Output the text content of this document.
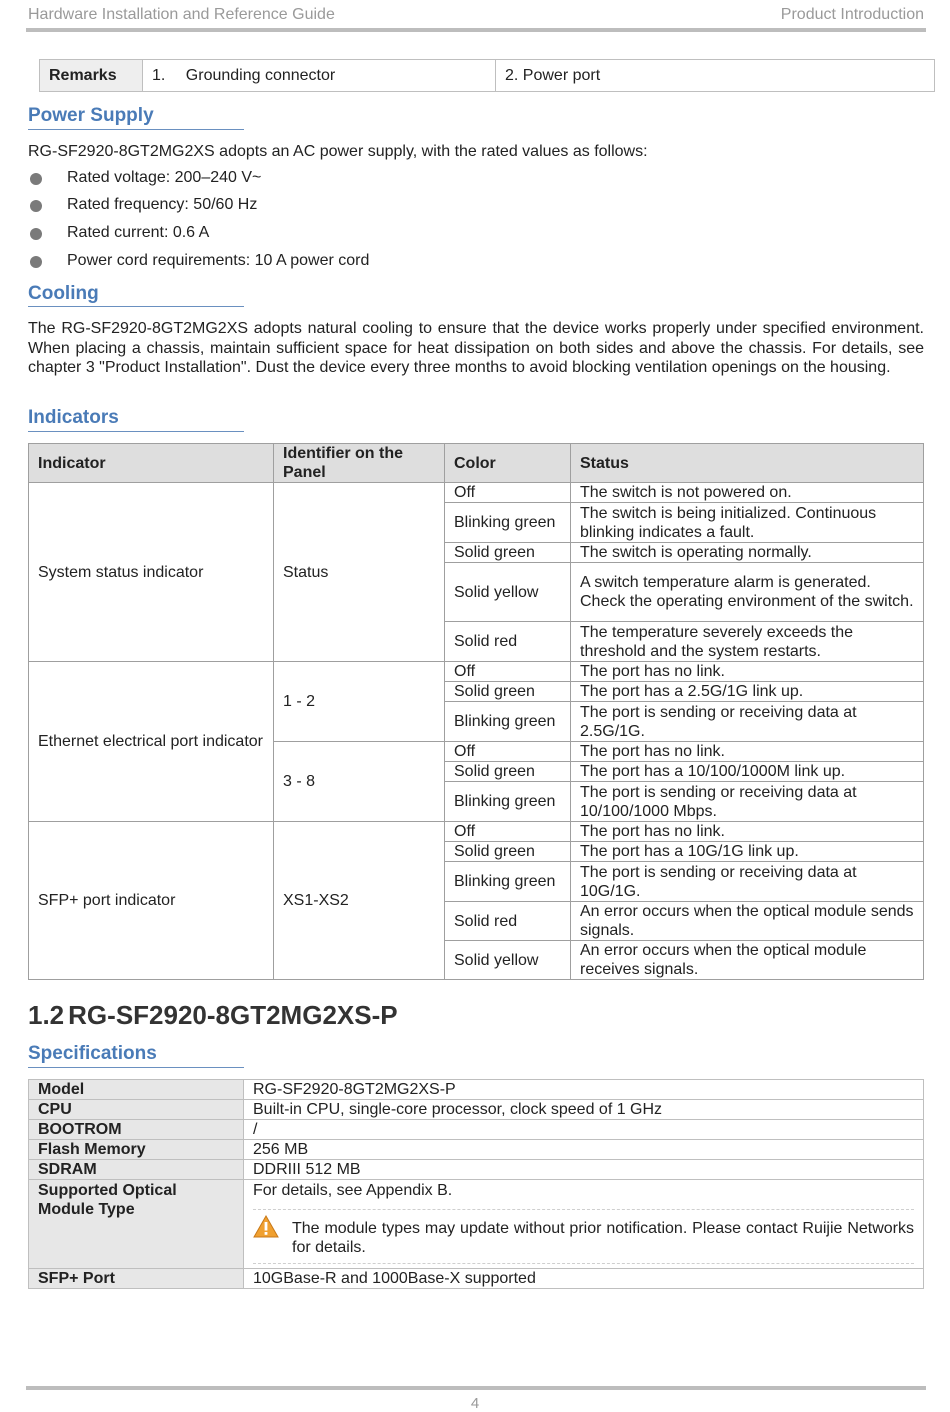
Hardware Installation and Reference Guide	Product Introduction
Remarks	1. Grounding connector	2. Power port
Power Supply
RG-SF2920-8GT2MG2XS adopts an AC power supply, with the rated values as follows:
Rated voltage: 200–240 V~
Rated frequency: 50/60 Hz
Rated current: 0.6 A
Power cord requirements: 10 A power cord
Cooling
The RG-SF2920-8GT2MG2XS adopts natural cooling to ensure that the device works properly under specified environment. When placing a chassis, maintain sufficient space for heat dissipation on both sides and above the chassis. For details, see chapter 3 "Product Installation". Dust the device every three months to avoid blocking ventilation openings on the housing.
Indicators
Indicator	Identifier on the Panel	Color	Status
System status indicator	Status	Off	The switch is not powered on.
		Blinking green	The switch is being initialized. Continuous blinking indicates a fault.
		Solid green	The switch is operating normally.
		Solid yellow	A switch temperature alarm is generated. Check the operating environment of the switch.
		Solid red	The temperature severely exceeds the threshold and the system restarts.
Ethernet electrical port indicator	1 - 2	Off	The port has no link.
		Solid green	The port has a 2.5G/1G link up.
		Blinking green	The port is sending or receiving data at 2.5G/1G.
	3 - 8	Off	The port has no link.
		Solid green	The port has a 10/100/1000M link up.
		Blinking green	The port is sending or receiving data at 10/100/1000 Mbps.
SFP+ port indicator	XS1-XS2	Off	The port has no link.
		Solid green	The port has a 10G/1G link up.
		Blinking green	The port is sending or receiving data at 10G/1G.
		Solid red	An error occurs when the optical module sends signals.
		Solid yellow	An error occurs when the optical module receives signals.
1.2 RG-SF2920-8GT2MG2XS-P
Specifications
Model	RG-SF2920-8GT2MG2XS-P
CPU	Built-in CPU, single-core processor, clock speed of 1 GHz
BOOTROM	/
Flash Memory	256 MB
SDRAM	DDRIII 512 MB
Supported Optical Module Type	For details, see Appendix B.
The module types may update without prior notification. Please contact Ruijie Networks for details.

SFP+ Port	10GBase-R and 1000Base-X supported
4
